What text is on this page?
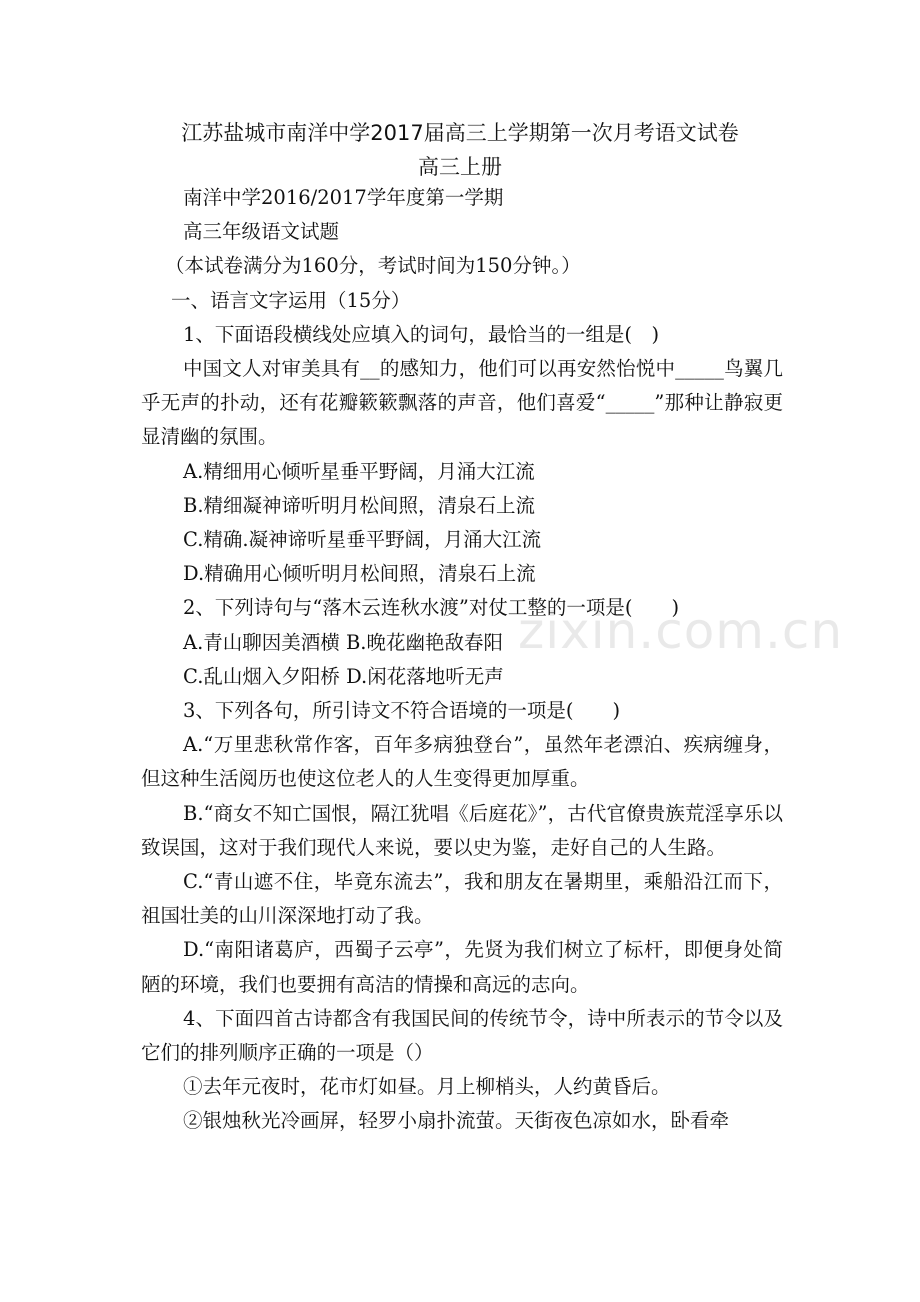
江苏盐城市南洋中学2017届高三上学期第一次月考语文试卷
高三上册

南洋中学2016/2017学年度第一学期

高三年级语文试题

（本试卷满分为160分，考试时间为150分钟。）

一、语言文字运用（15分）

1、下面语段横线处应填入的词句，最恰当的一组是(　)

中国文人对审美具有__的感知力，他们可以再安然怡悦中_____鸟翼几乎无声的扑动，还有花瓣簌簌飘落的声音，他们喜爱“_____”那种让静寂更显清幽的氛围。

A.精细用心倾听星垂平野阔，月涌大江流

B.精细凝神谛听明月松间照，清泉石上流

C.精确.凝神谛听星垂平野阔，月涌大江流

D.精确用心倾听明月松间照，清泉石上流

2、下列诗句与“落木云连秋水渡”对仗工整的一项是(　　)

A.青山聊因美酒横 B.晚花幽艳敌春阳

C.乱山烟入夕阳桥 D.闲花落地听无声

3、下列各句，所引诗文不符合语境的一项是(　　)

A.“万里悲秋常作客，百年多病独登台”，虽然年老漂泊、疾病缠身，但这种生活阅历也使这位老人的人生变得更加厚重。

B.“商女不知亡国恨，隔江犹唱《后庭花》”，古代官僚贵族荒淫享乐以致误国，这对于我们现代人来说，要以史为鉴，走好自己的人生路。

C.“青山遮不住，毕竟东流去”，我和朋友在暑期里，乘船沿江而下，祖国壮美的山川深深地打动了我。

D.“南阳诸葛庐，西蜀子云亭”，先贤为我们树立了标杆，即便身处简陋的环境，我们也要拥有高洁的情操和高远的志向。

4、下面四首古诗都含有我国民间的传统节令，诗中所表示的节令以及它们的排列顺序正确的一项是（）

①去年元夜时，花市灯如昼。月上柳梢头，人约黄昏后。

②银烛秋光冷画屏，轻罗小扇扑流萤。天街夜色凉如水，卧看牵

zixin.com.cn
